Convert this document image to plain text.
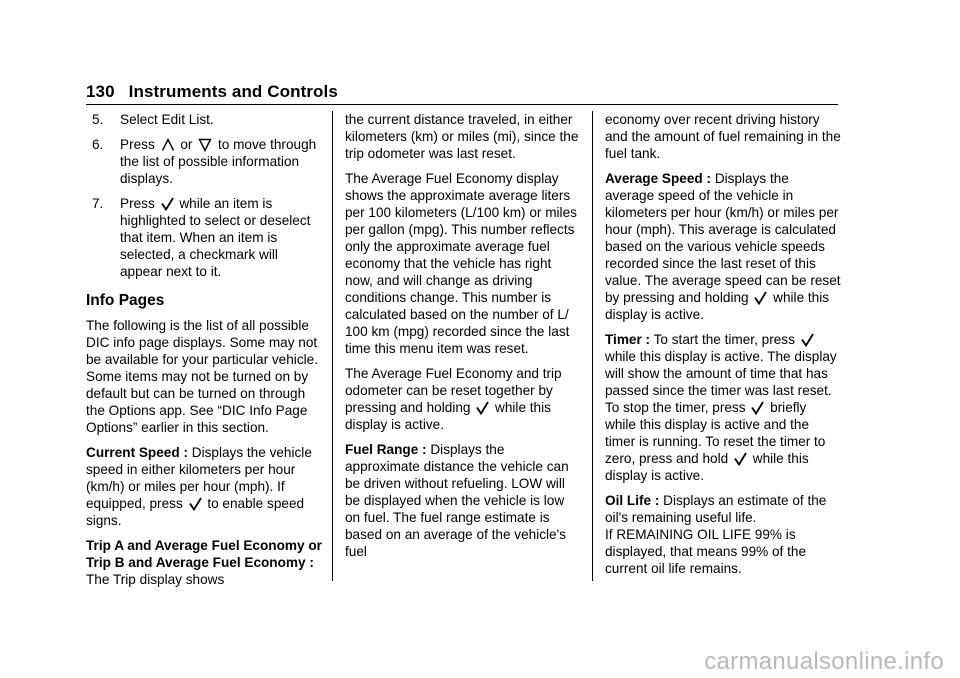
130 Instruments and Controls
5. Select Edit List.
6. Press or to move through the list of possible information displays.
7. Press while an item is highlighted to select or deselect that item. When an item is selected, a checkmark will appear next to it.
Info Pages

The following is the list of all possible DIC info page displays. Some may not be available for your particular vehicle. Some items may not be turned on by default but can be turned on through the Options app. See “DIC Info Page Options” earlier in this section.

Current Speed : Displays the vehicle speed in either kilometers per hour (km/h) or miles per hour (mph). If equipped, press to enable speed signs.

Trip A and Average Fuel Economy or Trip B and Average Fuel Economy : The Trip display shows

the current distance traveled, in either kilometers (km) or miles (mi), since the trip odometer was last reset.

The Average Fuel Economy display shows the approximate average liters per 100 kilometers (L/100 km) or miles per gallon (mpg). This number reflects only the approximate average fuel economy that the vehicle has right now, and will change as driving conditions change. This number is calculated based on the number of L/ 100 km (mpg) recorded since the last time this menu item was reset.

The Average Fuel Economy and trip odometer can be reset together by pressing and holding while this display is active.

Fuel Range : Displays the approximate distance the vehicle can be driven without refueling. LOW will be displayed when the vehicle is low on fuel. The fuel range estimate is based on an average of the vehicle's fuel

economy over recent driving history and the amount of fuel remaining in the fuel tank.

Average Speed : Displays the average speed of the vehicle in kilometers per hour (km/h) or miles per hour (mph). This average is calculated based on the various vehicle speeds recorded since the last reset of this value. The average speed can be reset by pressing and holding while this display is active.

Timer : To start the timer, press  while this display is active. The display will show the amount of time that has passed since the timer was last reset. To stop the timer, press briefly while this display is active and the timer is running. To reset the timer to zero, press and hold while this display is active.

Oil Life : Displays an estimate of the oil's remaining useful life.

If REMAINING OIL LIFE 99% is displayed, that means 99% of the current oil life remains.

carmanualsonline.info
